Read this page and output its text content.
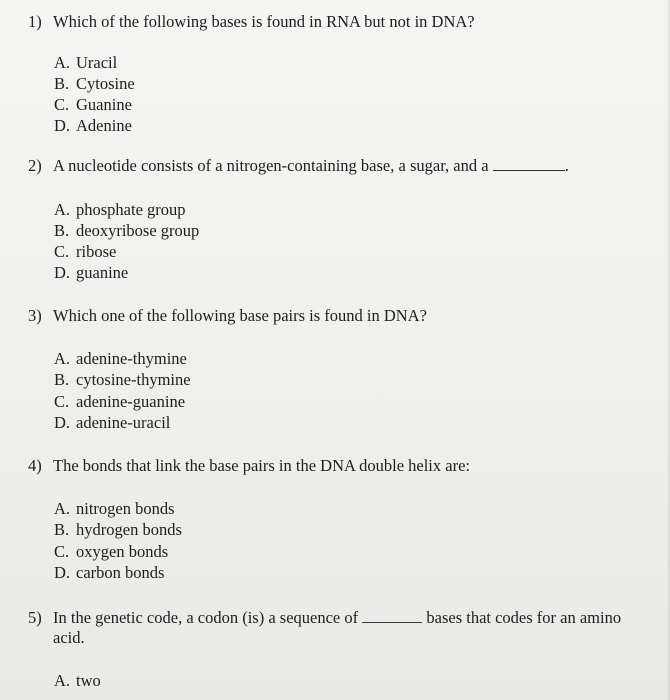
1) Which of the following bases is found in RNA but not in DNA?
A. Uracil
B. Cytosine
C. Guanine
D. Adenine
2) A nucleotide consists of a nitrogen-containing base, a sugar, and a	.
A. phosphate group
B. deoxyribose group
C. ribose
D. guanine
3) Which one of the following base pairs is found in DNA?
A. adenine-thymine
B. cytosine-thymine
C. adenine-guanine
D. adenine-uracil
4) The bonds that link the base pairs in the DNA double helix are:
A. nitrogen bonds
B. hydrogen bonds
C. oxygen bonds
D. carbon bonds
5) In the genetic code, a codon (is) a sequence of	bases that codes for an amino
acid.
A. two
